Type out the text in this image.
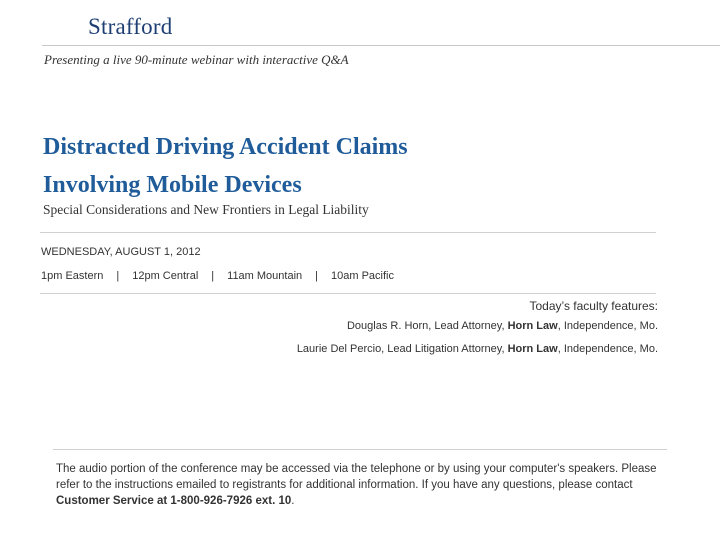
Strafford
Presenting a live 90-minute webinar with interactive Q&A
Distracted Driving Accident Claims
Involving Mobile Devices
Special Considerations and New Frontiers in Legal Liability
WEDNESDAY, AUGUST 1, 2012
1pm Eastern | 12pm Central | 11am Mountain | 10am Pacific
Today’s faculty features:
Douglas R. Horn, Lead Attorney, Horn Law, Independence, Mo.
Laurie Del Percio, Lead Litigation Attorney, Horn Law, Independence, Mo.
The audio portion of the conference may be accessed via the telephone or by using your computer's speakers. Please refer to the instructions emailed to registrants for additional information. If you have any questions, please contact Customer Service at 1-800-926-7926 ext. 10.
